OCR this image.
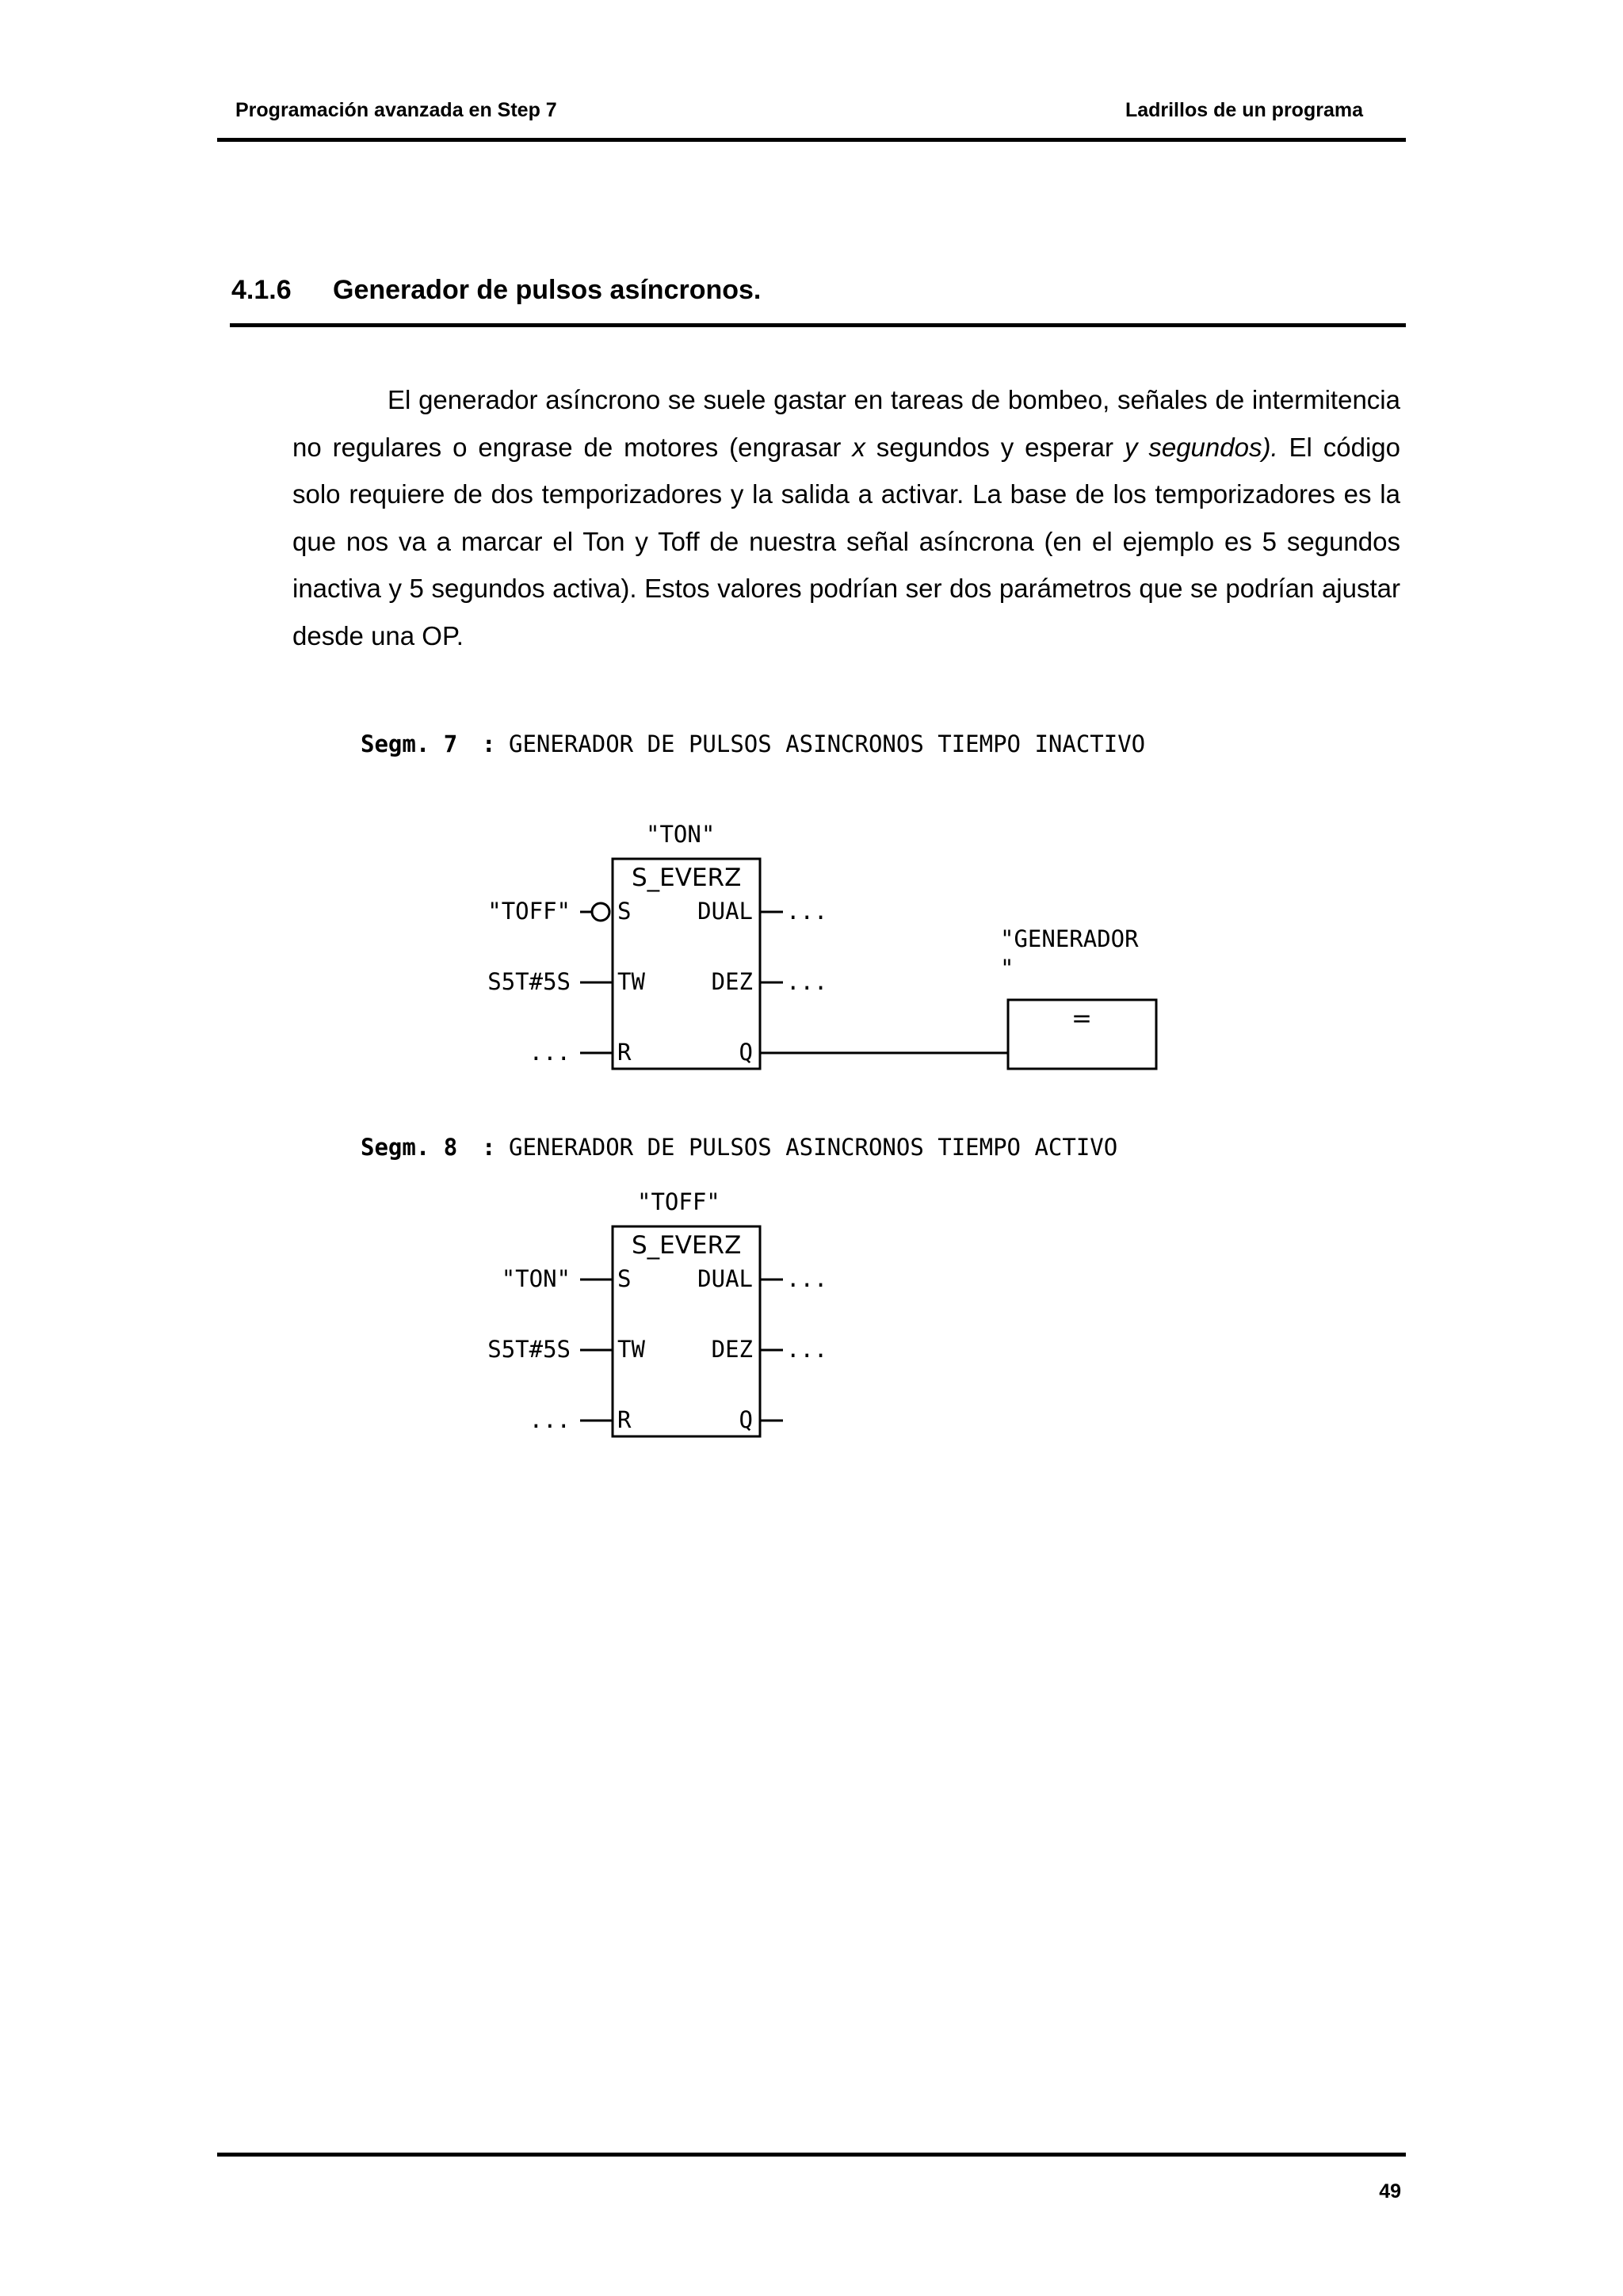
Programación avanzada en Step 7	Ladrillos de un programa
4.1.6 Generador de pulsos asíncronos.
El generador asíncrono se suele gastar en tareas de bombeo, señales de intermitencia no regulares o engrase de motores (engrasar x segundos y esperar y segundos). El código solo requiere de dos temporizadores y la salida a activar. La base de los temporizadores es la que nos va a marcar el Ton y Toff de nuestra señal asíncrona (en el ejemplo es 5 segundos inactiva y 5 segundos activa). Estos valores podrían ser dos parámetros que se podrían ajustar desde una OP.
Segm. 7 : GENERADOR DE PULSOS ASINCRONOS TIEMPO INACTIVO
"TON"
S_EVERZ
S
TW
R
DUAL
DEZ
Q
"TOFF"
S5T#5S
...
...
...
"GENERADOR
"
=
Segm. 8 : GENERADOR DE PULSOS ASINCRONOS TIEMPO ACTIVO
"TOFF"
S_EVERZ
S
TW
R
DUAL
DEZ
Q
"TON"
S5T#5S
...
...
...
49
